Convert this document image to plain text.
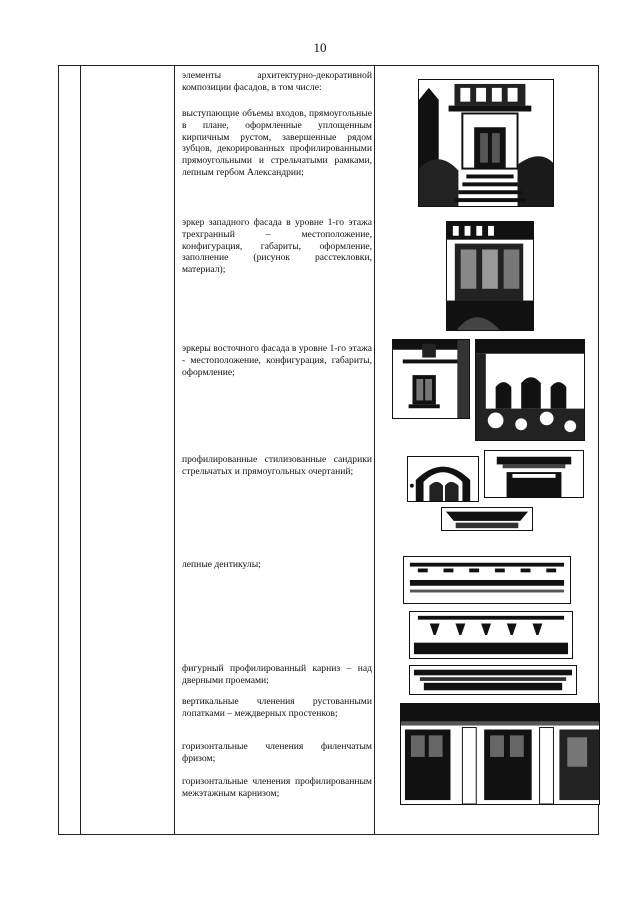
10
элементы архитектурно-декоративной композиции фасадов, в том числе:
выступающие объемы входов, прямоугольные в плане, оформленные уплощенным кирпичным рустом, завершенные рядом зубцов, декорированных профилированными прямоугольными и стрельчатыми рамками, лепным гербом Александрии;
эркер западного фасада в уровне 1-го этажа трехгранный – местоположение, конфигурация, габариты, оформление, заполнение (рисунок расстекловки, материал);
эркеры восточного фасада в уровне 1-го этажа - местоположение, конфигурация, габариты, оформление;
профилированные стилизованные сандрики стрельчатых и прямоугольных очертаний;
лепные дентикулы;
фигурный профилированный карниз – над дверными проемами;
вертикальные членения рустованными лопатками – междверных простенков;
горизонтальные членения филенчатым фризом;
горизонтальные членения профилированным межэтажным карнизом;
